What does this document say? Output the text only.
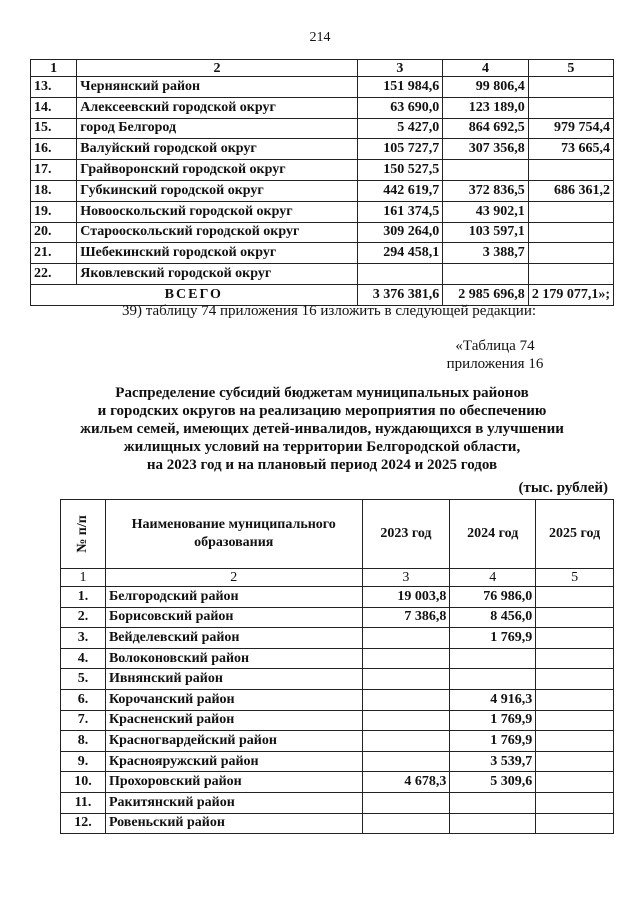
214
1	2	3	4	5
13.	Чернянский район	151 984,6	99 806,4	
14.	Алексеевский городской округ	63 690,0	123 189,0	
15.	город Белгород	5 427,0	864 692,5	979 754,4
16.	Валуйский городской округ	105 727,7	307 356,8	73 665,4
17.	Грайворонский городской округ	150 527,5		
18.	Губкинский городской округ	442 619,7	372 836,5	686 361,2
19.	Новооскольский городской округ	161 374,5	43 902,1	
20.	Старооскольский городской округ	309 264,0	103 597,1	
21.	Шебекинский городской округ	294 458,1	3 388,7	
22.	Яковлевский городской округ			
ВСЕГО		3 376 381,6	2 985 696,8	2 179 077,1»;
39) таблицу 74 приложения 16 изложить в следующей редакции:
«Таблица 74
приложения 16
Распределение субсидий бюджетам муниципальных районов
и городских округов на реализацию мероприятия по обеспечению
жильем семей, имеющих детей-инвалидов, нуждающихся в улучшении
жилищных условий на территории Белгородской области,
на 2023 год и на плановый период 2024 и 2025 годов
(тыс. рублей)
№ п/п	Наименование муниципального образования	2023 год	2024 год	2025 год
1	2	3	4	5
1.	Белгородский район	19 003,8	76 986,0	
2.	Борисовский район	7 386,8	8 456,0	
3.	Вейделевский район		1 769,9	
4.	Волоконовский район			
5.	Ивнянский район			
6.	Корочанский район		4 916,3	
7.	Красненский район		1 769,9	
8.	Красногвардейский район		1 769,9	
9.	Краснояружский район		3 539,7	
10.	Прохоровский район	4 678,3	5 309,6	
11.	Ракитянский район			
12.	Ровеньский район			
